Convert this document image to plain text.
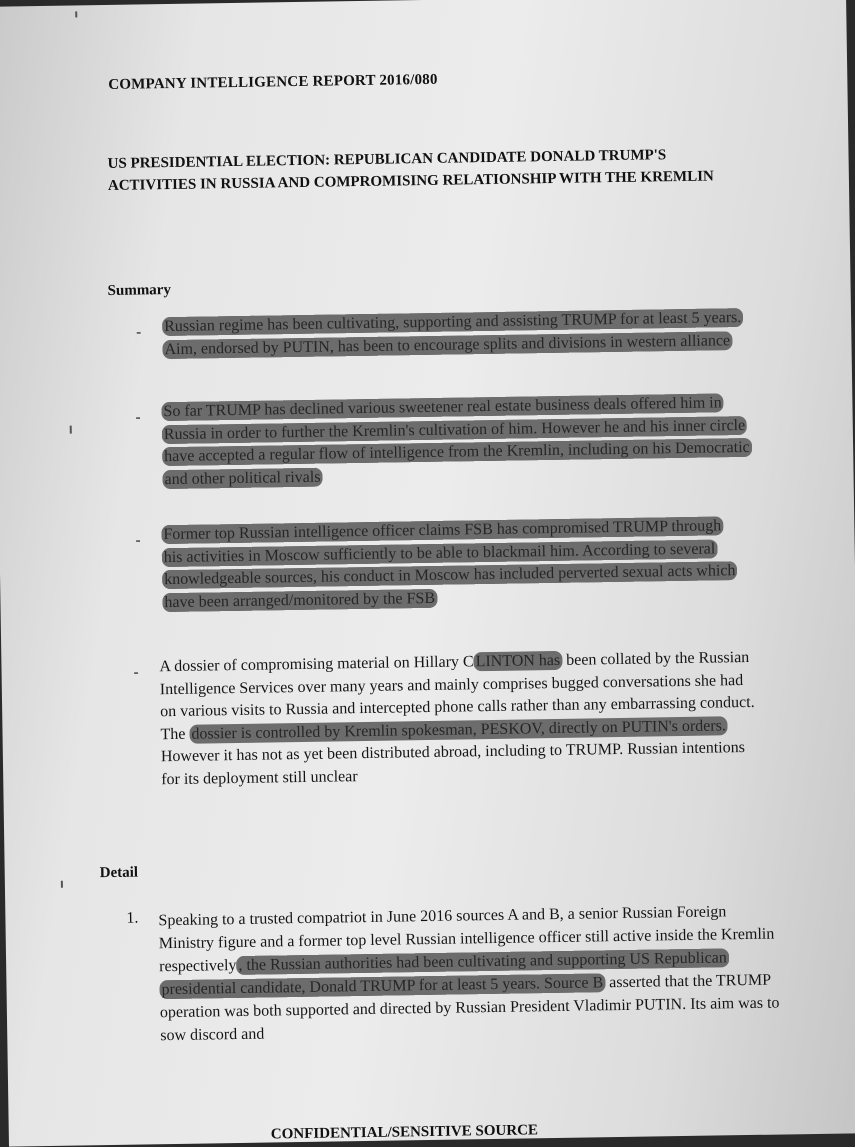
COMPANY INTELLIGENCE REPORT 2016/080
US PRESIDENTIAL ELECTION: REPUBLICAN CANDIDATE DONALD TRUMP'S ACTIVITIES IN RUSSIA AND COMPROMISING RELATIONSHIP WITH THE KREMLIN
Summary
- Russian regime has been cultivating, supporting and assisting TRUMP for at least 5 years. Aim, endorsed by PUTIN, has been to encourage splits and divisions in western alliance
- So far TRUMP has declined various sweetener real estate business deals offered him in Russia in order to further the Kremlin's cultivation of him. However he and his inner circle have accepted a regular flow of intelligence from the Kremlin, including on his Democratic and other political rivals
- Former top Russian intelligence officer claims FSB has compromised TRUMP through his activities in Moscow sufficiently to be able to blackmail him. According to several knowledgeable sources, his conduct in Moscow has included perverted sexual acts which have been arranged/monitored by the FSB
- A dossier of compromising material on Hillary C LINTON has been collated by the Russian Intelligence Services over many years and mainly comprises bugged conversations she had on various visits to Russia and intercepted phone calls rather than any embarrassing conduct. The dossier is controlled by Kremlin spokesman, PESKOV, directly on PUTIN's orders. However it has not as yet been distributed abroad, including to TRUMP. Russian intentions for its deployment still unclear
Detail
1. Speaking to a trusted compatriot in June 2016 sources A and B, a senior Russian Foreign Ministry figure and a former top level Russian intelligence officer still active inside the Kremlin respectively , the Russian authorities had been cultivating and supporting US Republican presidential candidate, Donald TRUMP for at least 5 years. Source B asserted that the TRUMP operation was both supported and directed by Russian President Vladimir PUTIN. Its aim was to sow discord and
CONFIDENTIAL/SENSITIVE SOURCE
